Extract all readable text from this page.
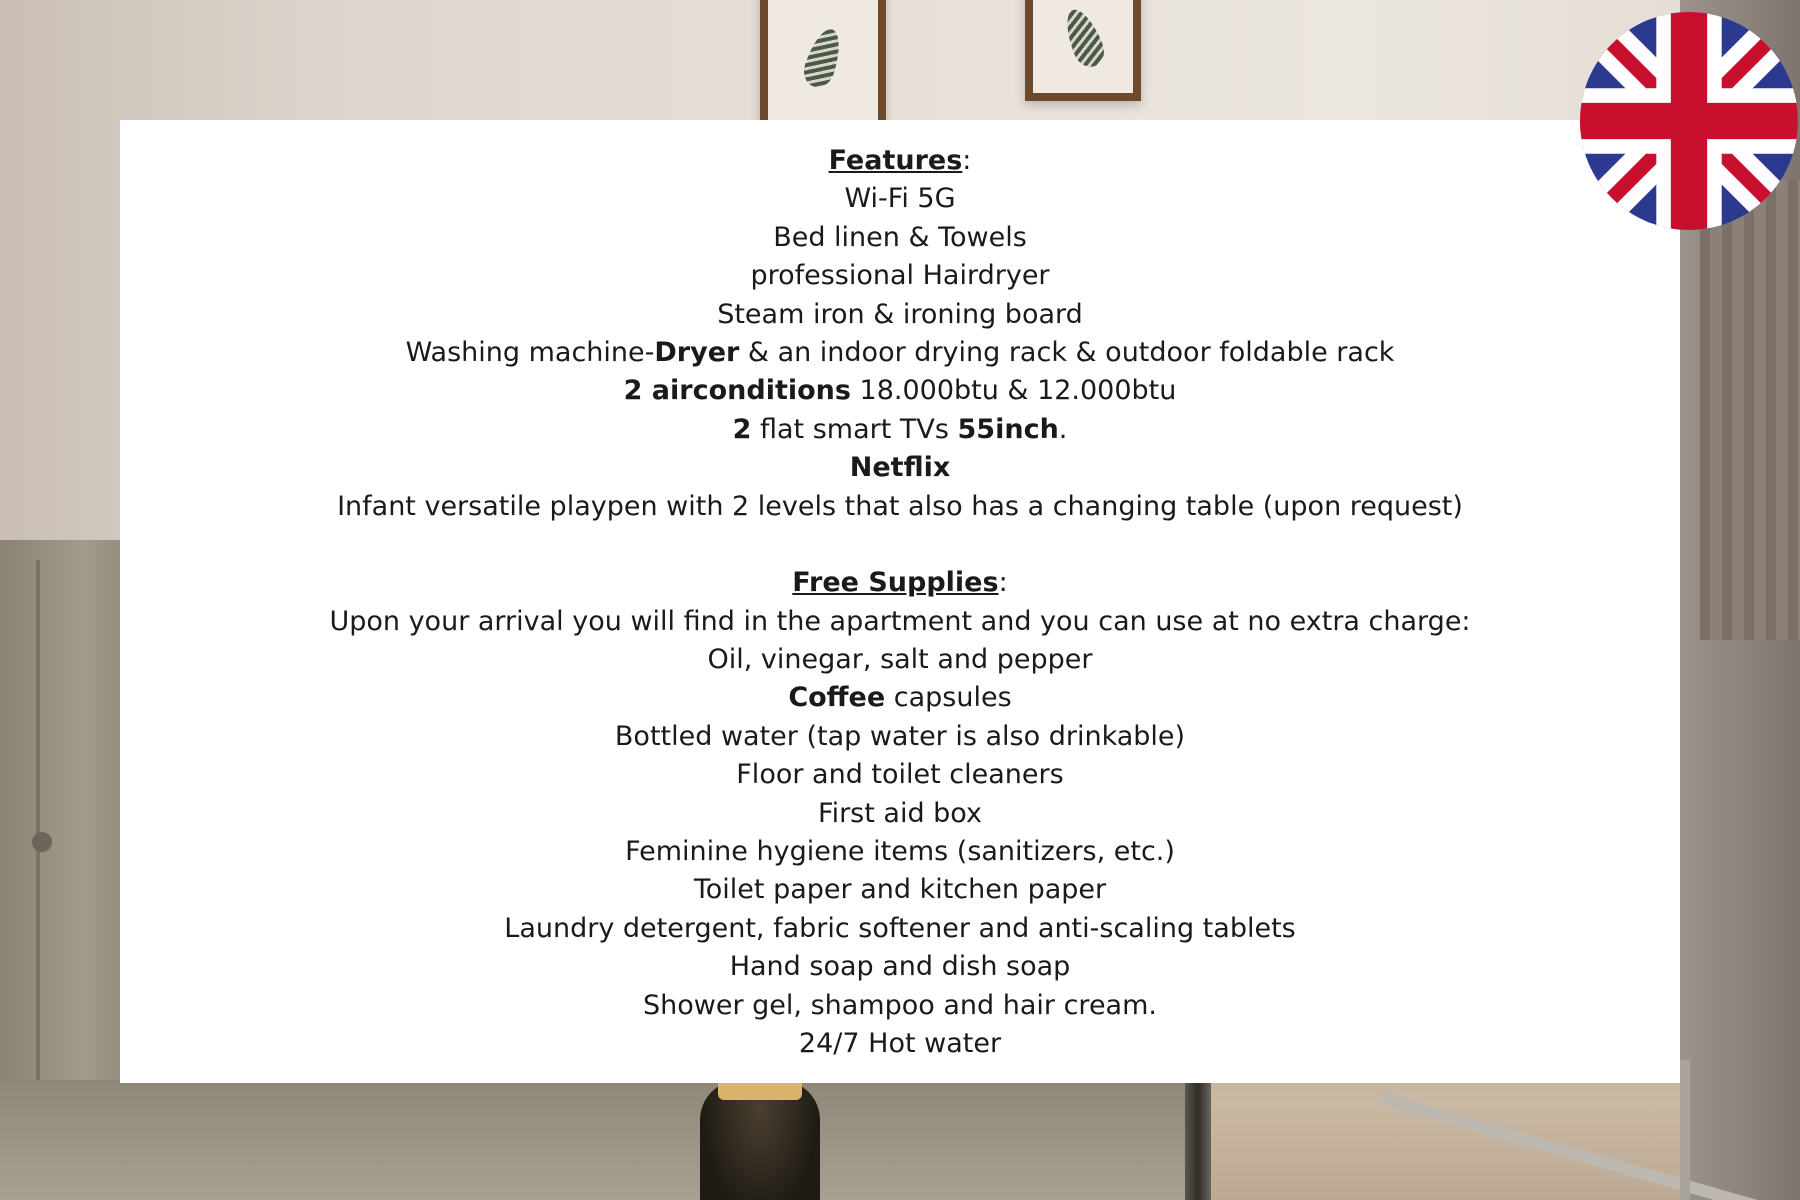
Features:
Wi-Fi 5G
Bed linen & Towels
professional Hairdryer
Steam iron & ironing board
Washing machine-Dryer & an indoor drying rack & outdoor foldable rack
2 airconditions 18.000btu & 12.000btu
2 flat smart TVs 55inch.
Netflix
Infant versatile playpen with 2 levels that also has a changing table (upon request)
Free Supplies:
Upon your arrival you will find in the apartment and you can use at no extra charge:
Oil, vinegar, salt and pepper
Coffee capsules
Bottled water (tap water is also drinkable)
Floor and toilet cleaners
First aid box
Feminine hygiene items (sanitizers, etc.)
Toilet paper and kitchen paper
Laundry detergent, fabric softener and anti-scaling tablets
Hand soap and dish soap
Shower gel, shampoo and hair cream.
24/7 Hot water
